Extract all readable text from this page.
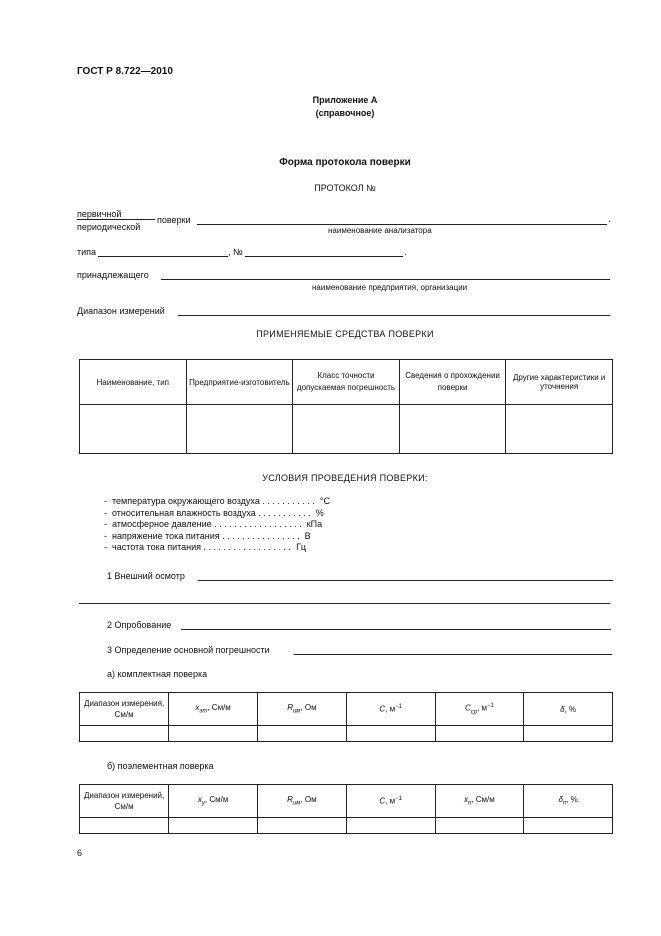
ГОСТ Р 8.722—2010
Приложение А
(справочное)
Форма протокола поверки
ПРОТОКОЛ №
первичной
периодической
поверки	.
наименование анализатора
типа	, №	.
принадлежащего
наименование предприятия, организации
Диапазон измерений
ПРИМЕНЯЕМЫЕ СРЕДСТВА ПОВЕРКИ
Наименование, тип	Предприятие-изготовитель	Класс точности допускаемая погрешность	Сведения о прохождении поверки	Другие характеристики и уточнения

УСЛОВИЯ ПРОВЕДЕНИЯ ПОВЕРКИ:
-  температура окружающего воздуха . . . . . . . . . . . °С
-  относительная влажность воздуха . . . . . . . . . . . %
-  атмосферное давление . . . . . . . . . . . . . . . . . . кПа
-  напряжение тока питания . . . . . . . . . . . . . . . . В
-  частота тока питания . . . . . . . . . . . . . . . . . . Гц
1 Внешний осмотр
2 Опробование
3 Определение основной погрешности
а) комплектная поверка
Диапазон измерения, См/м	$x_{эт}$, См/м	$R_{им}$, Ом	C, $м^{-1}$	$C_{ср}$, $м^{-1}$	δ, %

б) поэлементная поверка
Диапазон измерений, См/м	$x_у$, См/м	$R_{им}$, Ом	C, $м^{-1}$	$x_п$, См/м	$\delta_п$, %

6
